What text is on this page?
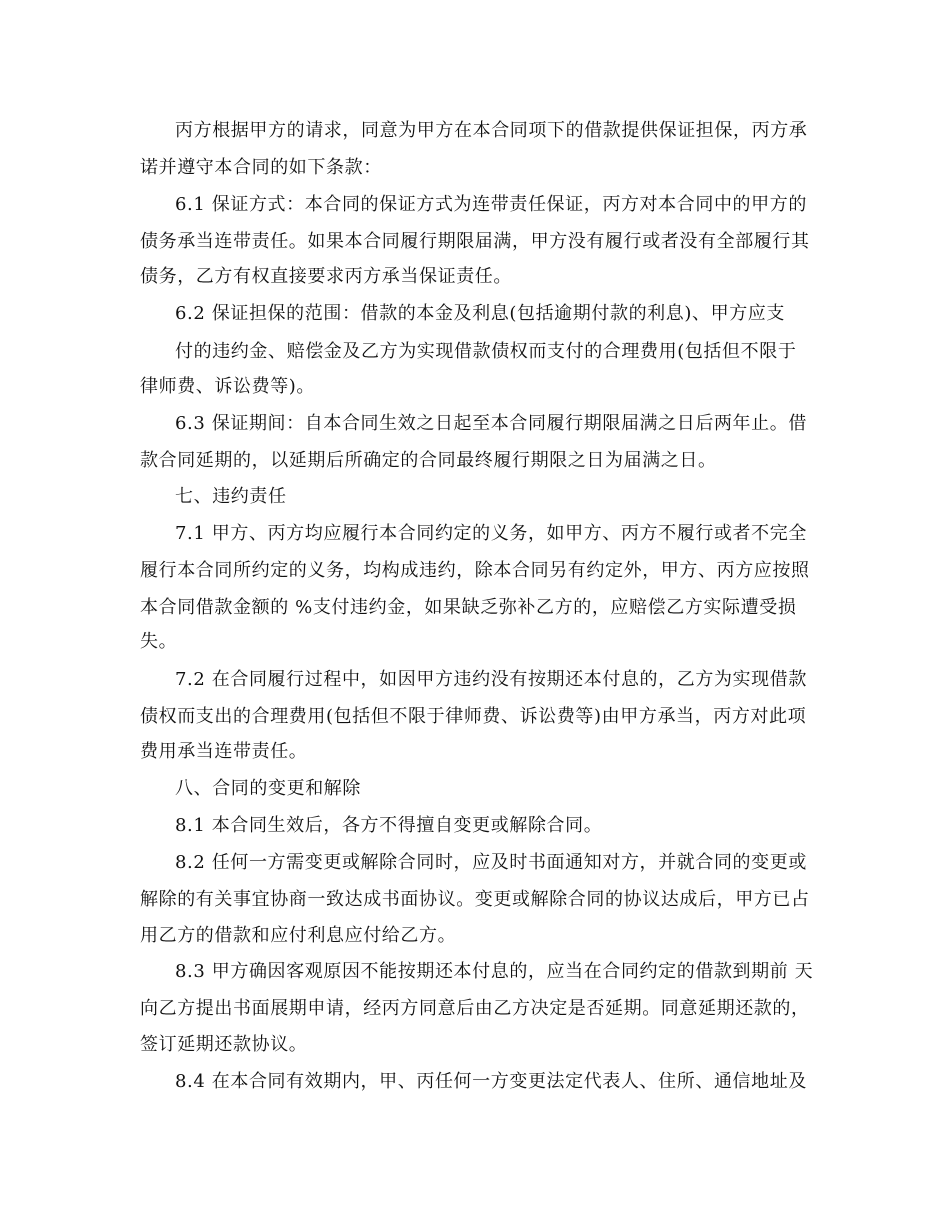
丙方根据甲方的请求，同意为甲方在本合同项下的借款提供保证担保，丙方承
诺并遵守本合同的如下条款：
6.1 保证方式：本合同的保证方式为连带责任保证，丙方对本合同中的甲方的
债务承当连带责任。如果本合同履行期限届满，甲方没有履行或者没有全部履行其
债务，乙方有权直接要求丙方承当保证责任。
6.2 保证担保的范围：借款的本金及利息(包括逾期付款的利息)、甲方应支
付的违约金、赔偿金及乙方为实现借款债权而支付的合理费用(包括但不限于
律师费、诉讼费等)。
6.3 保证期间：自本合同生效之日起至本合同履行期限届满之日后两年止。借
款合同延期的，以延期后所确定的合同最终履行期限之日为届满之日。
七、违约责任
7.1 甲方、丙方均应履行本合同约定的义务，如甲方、丙方不履行或者不完全
履行本合同所约定的义务，均构成违约，除本合同另有约定外，甲方、丙方应按照
本合同借款金额的 %支付违约金，如果缺乏弥补乙方的，应赔偿乙方实际遭受损
失。
7.2 在合同履行过程中，如因甲方违约没有按期还本付息的，乙方为实现借款
债权而支出的合理费用(包括但不限于律师费、诉讼费等)由甲方承当，丙方对此项
费用承当连带责任。
八、合同的变更和解除
8.1 本合同生效后，各方不得擅自变更或解除合同。
8.2 任何一方需变更或解除合同时，应及时书面通知对方，并就合同的变更或
解除的有关事宜协商一致达成书面协议。变更或解除合同的协议达成后，甲方已占
用乙方的借款和应付利息应付给乙方。
8.3 甲方确因客观原因不能按期还本付息的，应当在合同约定的借款到期前 天
向乙方提出书面展期申请，经丙方同意后由乙方决定是否延期。同意延期还款的，
签订延期还款协议。
8.4 在本合同有效期内，甲、丙任何一方变更法定代表人、住所、通信地址及
